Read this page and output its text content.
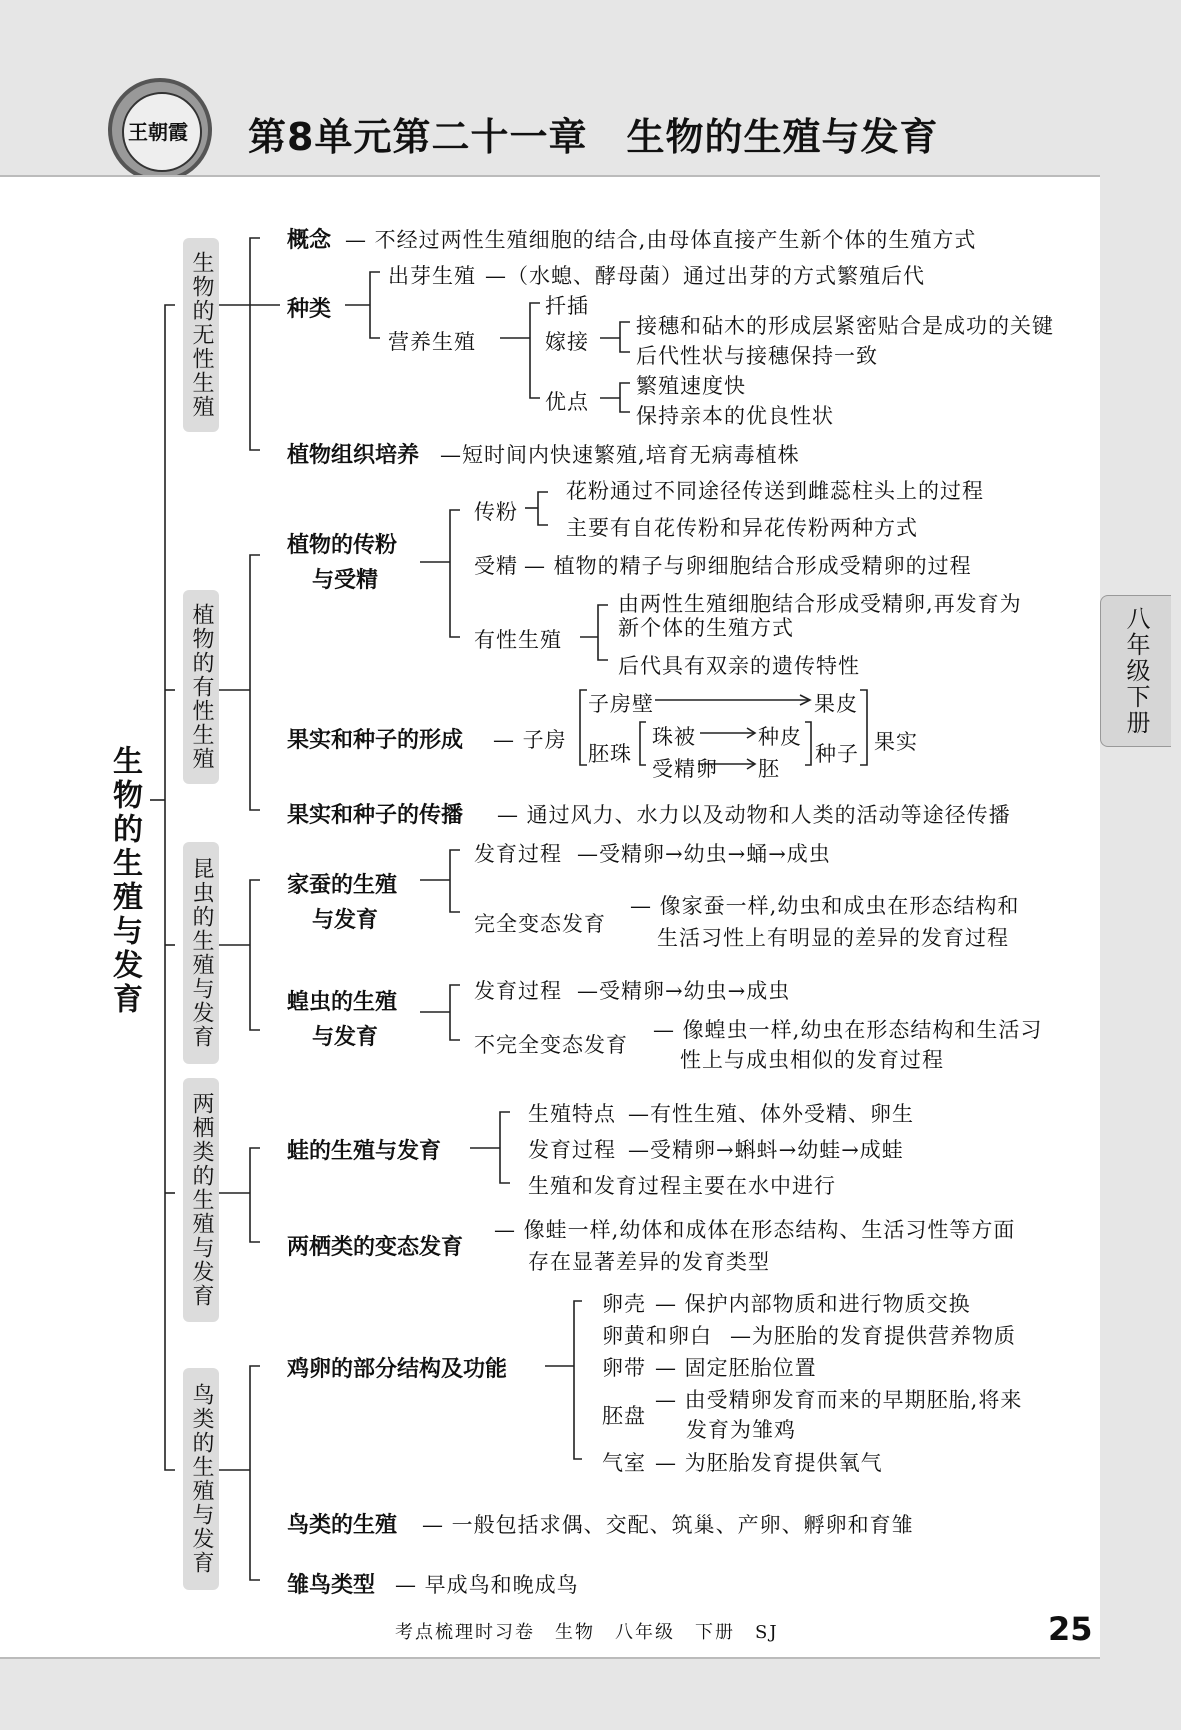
王朝霞 第8单元第二十一章　生物的生殖与发育
生物的生殖与发育
生物的无性生殖
植物的有性生殖
昆虫的生殖与发育
两栖类的生殖与发育
鸟类的生殖与发育
八年级下册
概念 — 不经过两性生殖细胞的结合,由母体直接产生新个体的生殖方式
种类
出芽生殖 —（水螅、酵母菌）通过出芽的方式繁殖后代
营养生殖
扦插
嫁接
接穗和砧木的形成层紧密贴合是成功的关键
后代性状与接穗保持一致
优点
繁殖速度快
保持亲本的优良性状
植物组织培养 —短时间内快速繁殖,培育无病毒植株
植物的传粉
与受精
传粉
花粉通过不同途径传送到雌蕊柱头上的过程
主要有自花传粉和异花传粉两种方式
受精 — 植物的精子与卵细胞结合形成受精卵的过程
有性生殖
由两性生殖细胞结合形成受精卵,再发育为
新个体的生殖方式
后代具有双亲的遗传特性
果实和种子的形成 — 子房
子房壁	果皮
胚珠
珠被	种皮
受精卵 胚
种子 果实
果实和种子的传播 — 通过风力、水力以及动物和人类的活动等途径传播
家蚕的生殖
与发育
发育过程 —受精卵→幼虫→蛹→成虫
完全变态发育
— 像家蚕一样,幼虫和成虫在形态结构和
生活习性上有明显的差异的发育过程
蝗虫的生殖
与发育
发育过程 —受精卵→幼虫→成虫
不完全变态发育
— 像蝗虫一样,幼虫在形态结构和生活习
性上与成虫相似的发育过程
蛙的生殖与发育
生殖特点 —有性生殖、体外受精、卵生
发育过程 —受精卵→蝌蚪→幼蛙→成蛙
生殖和发育过程主要在水中进行
两栖类的变态发育
— 像蛙一样,幼体和成体在形态结构、生活习性等方面
存在显著差异的发育类型
鸡卵的部分结构及功能
卵壳 — 保护内部物质和进行物质交换
卵黄和卵白 —为胚胎的发育提供营养物质
卵带 — 固定胚胎位置
胚盘
— 由受精卵发育而来的早期胚胎,将来
发育为雏鸡
气室 — 为胚胎发育提供氧气
鸟类的生殖 — 一般包括求偶、交配、筑巢、产卵、孵卵和育雏
雏鸟类型 — 早成鸟和晚成鸟
考点梳理时习卷　生物　八年级　下册　SJ	25
